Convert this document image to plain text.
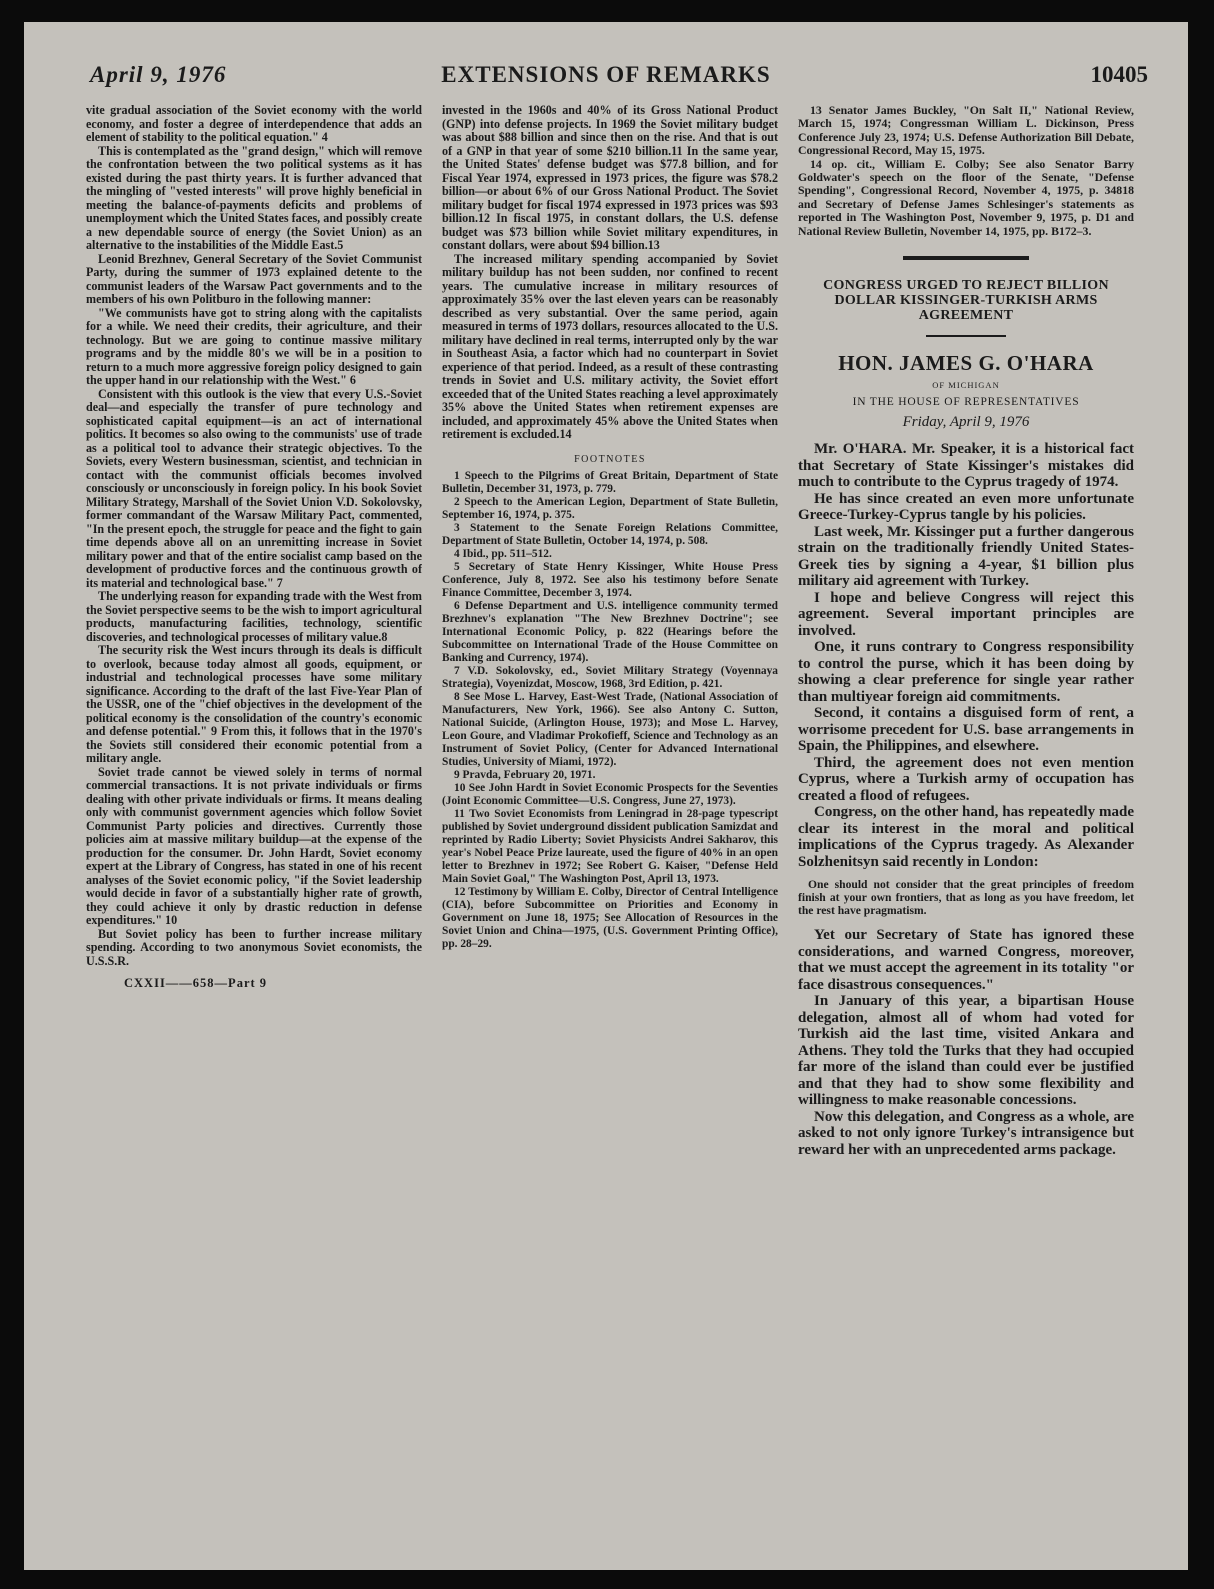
April 9, 1976	EXTENSIONS OF REMARKS	10405

vite gradual association of the Soviet economy with the world economy, and foster a degree of interdependence that adds an element of stability to the political equation." 4

This is contemplated as the "grand design," which will remove the confrontation between the two political systems as it has existed during the past thirty years. It is further advanced that the mingling of "vested interests" will prove highly beneficial in meeting the balance-of-payments deficits and problems of unemployment which the United States faces, and possibly create a new dependable source of energy (the Soviet Union) as an alternative to the instabilities of the Middle East.5

Leonid Brezhnev, General Secretary of the Soviet Communist Party, during the summer of 1973 explained detente to the communist leaders of the Warsaw Pact governments and to the members of his own Politburo in the following manner:

"We communists have got to string along with the capitalists for a while. We need their credits, their agriculture, and their technology. But we are going to continue massive military programs and by the middle 80's we will be in a position to return to a much more aggressive foreign policy designed to gain the upper hand in our relationship with the West." 6

Consistent with this outlook is the view that every U.S.-Soviet deal—and especially the transfer of pure technology and sophisticated capital equipment—is an act of international politics. It becomes so also owing to the communists' use of trade as a political tool to advance their strategic objectives. To the Soviets, every Western businessman, scientist, and technician in contact with the communist officials becomes involved consciously or unconsciously in foreign policy. In his book Soviet Military Strategy, Marshall of the Soviet Union V.D. Sokolovsky, former commandant of the Warsaw Military Pact, commented, "In the present epoch, the struggle for peace and the fight to gain time depends above all on an unremitting increase in Soviet military power and that of the entire socialist camp based on the development of productive forces and the continuous growth of its material and technological base." 7

The underlying reason for expanding trade with the West from the Soviet perspective seems to be the wish to import agricultural products, manufacturing facilities, technology, scientific discoveries, and technological processes of military value.8

The security risk the West incurs through its deals is difficult to overlook, because today almost all goods, equipment, or industrial and technological processes have some military significance. According to the draft of the last Five-Year Plan of the USSR, one of the "chief objectives in the development of the political economy is the consolidation of the country's economic and defense potential." 9 From this, it follows that in the 1970's the Soviets still considered their economic potential from a military angle.

Soviet trade cannot be viewed solely in terms of normal commercial transactions. It is not private individuals or firms dealing with other private individuals or firms. It means dealing only with communist government agencies which follow Soviet Communist Party policies and directives. Currently those policies aim at massive military buildup—at the expense of the production for the consumer. Dr. John Hardt, Soviet economy expert at the Library of Congress, has stated in one of his recent analyses of the Soviet economic policy, "if the Soviet leadership would decide in favor of a substantially higher rate of growth, they could achieve it only by drastic reduction in defense expenditures." 10

But Soviet policy has been to further increase military spending. According to two anonymous Soviet economists, the U.S.S.R.

CXXII——658—Part 9

invested in the 1960s and 40% of its Gross National Product (GNP) into defense projects. In 1969 the Soviet military budget was about $88 billion and since then on the rise. And that is out of a GNP in that year of some $210 billion.11 In the same year, the United States' defense budget was $77.8 billion, and for Fiscal Year 1974, expressed in 1973 prices, the figure was $78.2 billion—or about 6% of our Gross National Product. The Soviet military budget for fiscal 1974 expressed in 1973 prices was $93 billion.12 In fiscal 1975, in constant dollars, the U.S. defense budget was $73 billion while Soviet military expenditures, in constant dollars, were about $94 billion.13

The increased military spending accompanied by Soviet military buildup has not been sudden, nor confined to recent years. The cumulative increase in military resources of approximately 35% over the last eleven years can be reasonably described as very substantial. Over the same period, again measured in terms of 1973 dollars, resources allocated to the U.S. military have declined in real terms, interrupted only by the war in Southeast Asia, a factor which had no counterpart in Soviet experience of that period. Indeed, as a result of these contrasting trends in Soviet and U.S. military activity, the Soviet effort exceeded that of the United States reaching a level approximately 35% above the United States when retirement expenses are included, and approximately 45% above the United States when retirement is excluded.14

FOOTNOTES

1 Speech to the Pilgrims of Great Britain, Department of State Bulletin, December 31, 1973, p. 779.

2 Speech to the American Legion, Department of State Bulletin, September 16, 1974, p. 375.

3 Statement to the Senate Foreign Relations Committee, Department of State Bulletin, October 14, 1974, p. 508.

4 Ibid., pp. 511–512.

5 Secretary of State Henry Kissinger, White House Press Conference, July 8, 1972. See also his testimony before Senate Finance Committee, December 3, 1974.

6 Defense Department and U.S. intelligence community termed Brezhnev's explanation "The New Brezhnev Doctrine"; see International Economic Policy, p. 822 (Hearings before the Subcommittee on International Trade of the House Committee on Banking and Currency, 1974).

7 V.D. Sokolovsky, ed., Soviet Military Strategy (Voyennaya Strategia), Voyenizdat, Moscow, 1968, 3rd Edition, p. 421.

8 See Mose L. Harvey, East-West Trade, (National Association of Manufacturers, New York, 1966). See also Antony C. Sutton, National Suicide, (Arlington House, 1973); and Mose L. Harvey, Leon Goure, and Vladimar Prokofieff, Science and Technology as an Instrument of Soviet Policy, (Center for Advanced International Studies, University of Miami, 1972).

9 Pravda, February 20, 1971.

10 See John Hardt in Soviet Economic Prospects for the Seventies (Joint Economic Committee—U.S. Congress, June 27, 1973).

11 Two Soviet Economists from Leningrad in 28-page typescript published by Soviet underground dissident publication Samizdat and reprinted by Radio Liberty; Soviet Physicists Andrei Sakharov, this year's Nobel Peace Prize laureate, used the figure of 40% in an open letter to Brezhnev in 1972; See Robert G. Kaiser, "Defense Held Main Soviet Goal," The Washington Post, April 13, 1973.

12 Testimony by William E. Colby, Director of Central Intelligence (CIA), before Subcommittee on Priorities and Economy in Government on June 18, 1975; See Allocation of Resources in the Soviet Union and China—1975, (U.S. Government Printing Office), pp. 28–29.

13 Senator James Buckley, "On Salt II," National Review, March 15, 1974; Congressman William L. Dickinson, Press Conference July 23, 1974; U.S. Defense Authorization Bill Debate, Congressional Record, May 15, 1975.

14 op. cit., William E. Colby; See also Senator Barry Goldwater's speech on the floor of the Senate, "Defense Spending", Congressional Record, November 4, 1975, p. 34818 and Secretary of Defense James Schlesinger's statements as reported in The Washington Post, November 9, 1975, p. D1 and National Review Bulletin, November 14, 1975, pp. B172–3.

CONGRESS URGED TO REJECT BILLION DOLLAR KISSINGER-TURKISH ARMS AGREEMENT
HON. JAMES G. O'HARA
OF MICHIGAN
IN THE HOUSE OF REPRESENTATIVES
Friday, April 9, 1976

Mr. O'HARA. Mr. Speaker, it is a historical fact that Secretary of State Kissinger's mistakes did much to contribute to the Cyprus tragedy of 1974.

He has since created an even more unfortunate Greece-Turkey-Cyprus tangle by his policies.

Last week, Mr. Kissinger put a further dangerous strain on the traditionally friendly United States-Greek ties by signing a 4-year, $1 billion plus military aid agreement with Turkey.

I hope and believe Congress will reject this agreement. Several important principles are involved.

One, it runs contrary to Congress responsibility to control the purse, which it has been doing by showing a clear preference for single year rather than multiyear foreign aid commitments.

Second, it contains a disguised form of rent, a worrisome precedent for U.S. base arrangements in Spain, the Philippines, and elsewhere.

Third, the agreement does not even mention Cyprus, where a Turkish army of occupation has created a flood of refugees.

Congress, on the other hand, has repeatedly made clear its interest in the moral and political implications of the Cyprus tragedy. As Alexander Solzhenitsyn said recently in London:

One should not consider that the great principles of freedom finish at your own frontiers, that as long as you have freedom, let the rest have pragmatism.

Yet our Secretary of State has ignored these considerations, and warned Congress, moreover, that we must accept the agreement in its totality "or face disastrous consequences."

In January of this year, a bipartisan House delegation, almost all of whom had voted for Turkish aid the last time, visited Ankara and Athens. They told the Turks that they had occupied far more of the island than could ever be justified and that they had to show some flexibility and willingness to make reasonable concessions.

Now this delegation, and Congress as a whole, are asked to not only ignore Turkey's intransigence but reward her with an unprecedented arms package.
